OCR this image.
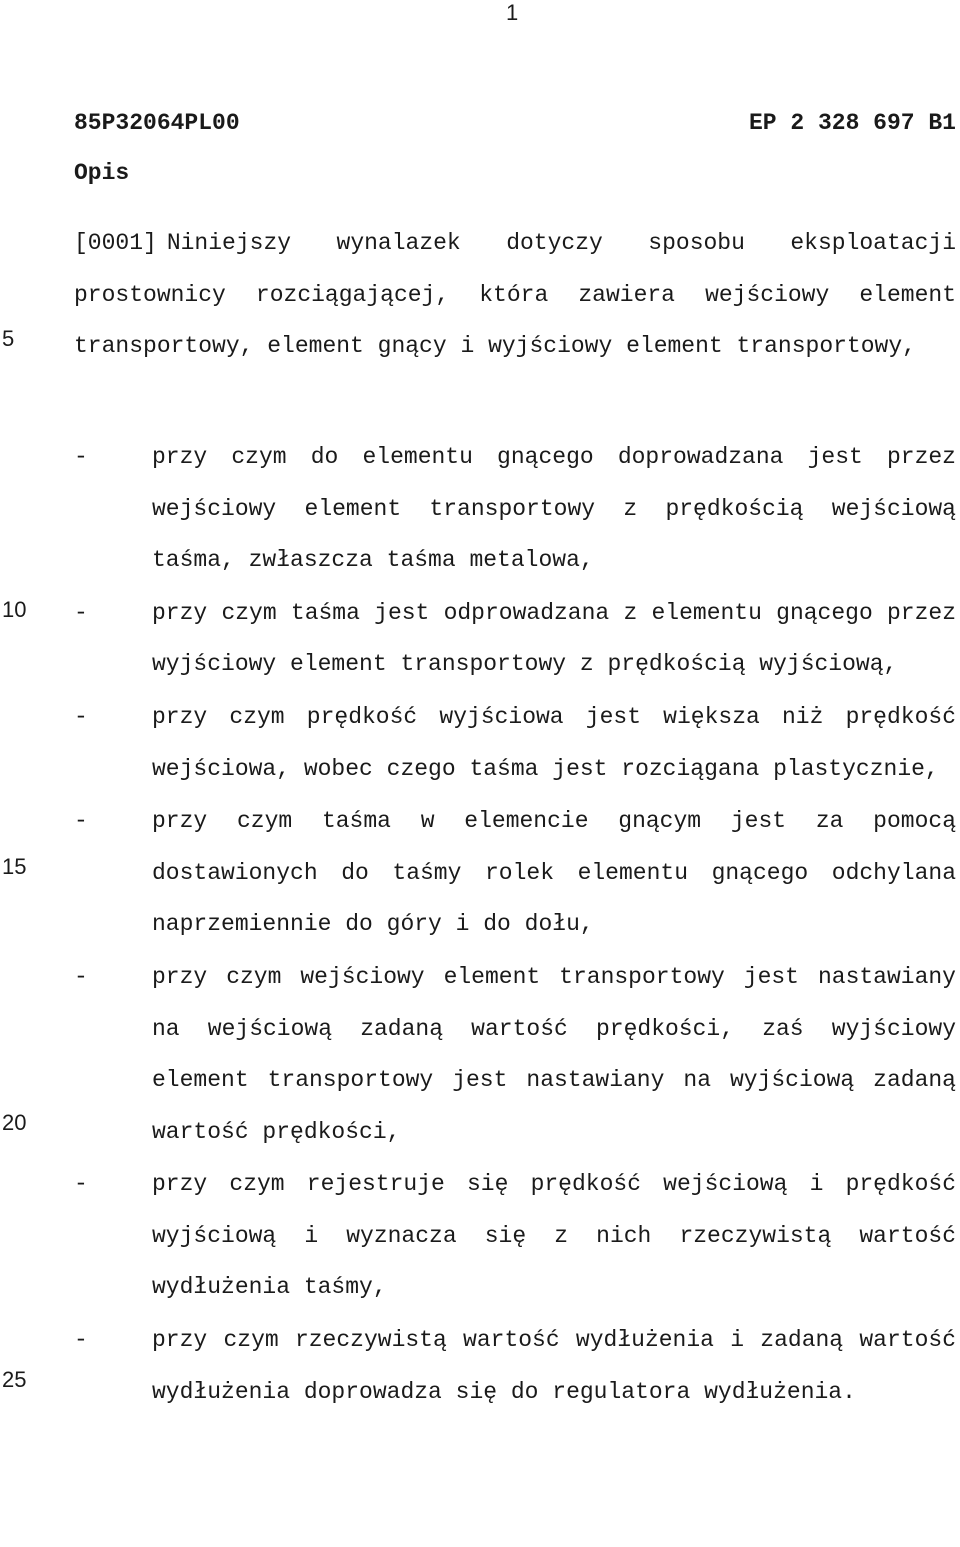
1
85P32064PL00	EP 2 328 697 B1
Opis
5
10
15
20
25
[0001] Niniejszy wynalazek dotyczy sposobu eksploatacji prostownicy rozciągającej, która zawiera wejściowy element transportowy, element gnący i wyjściowy element transportowy,
-	przy czym do elementu gnącego doprowadzana jest przez wejściowy element transportowy z prędkością wejściową taśma, zwłaszcza taśma metalowa,
-	przy czym taśma jest odprowadzana z elementu gnącego przez wyjściowy element transportowy z prędkością wyjściową,
-	przy czym prędkość wyjściowa jest większa niż prędkość wejściowa, wobec czego taśma jest rozciągana plastycznie,
-	przy czym taśma w elemencie gnącym jest za pomocą dostawionych do taśmy rolek elementu gnącego odchylana naprzemiennie do góry i do dołu,
-	przy czym wejściowy element transportowy jest nastawiany na wejściową zadaną wartość prędkości, zaś wyjściowy element transportowy jest nastawiany na wyjściową zadaną wartość prędkości,
-	przy czym rejestruje się prędkość wejściową i prędkość wyjściową i wyznacza się z nich rzeczywistą wartość wydłużenia taśmy,
-	przy czym rzeczywistą wartość wydłużenia i zadaną wartość wydłużenia doprowadza się do regulatora wydłużenia.
